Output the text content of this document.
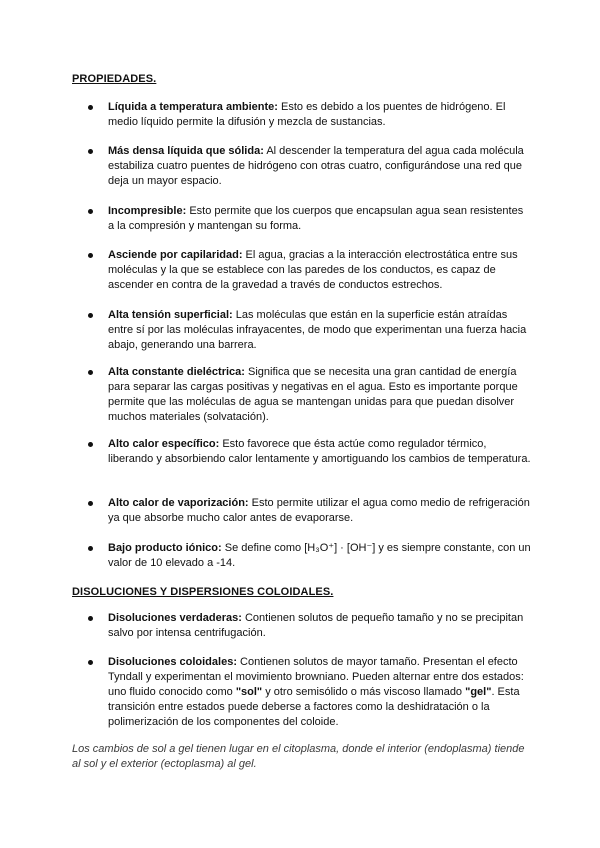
PROPIEDADES.
Líquida a temperatura ambiente: Esto es debido a los puentes de hidrógeno. El medio líquido permite la difusión y mezcla de sustancias.
Más densa líquida que sólida: Al descender la temperatura del agua cada molécula estabiliza cuatro puentes de hidrógeno con otras cuatro, configurándose una red que deja un mayor espacio.
Incompresible: Esto permite que los cuerpos que encapsulan agua sean resistentes a la compresión y mantengan su forma.
Asciende por capilaridad: El agua, gracias a la interacción electrostática entre sus moléculas y la que se establece con las paredes de los conductos, es capaz de ascender en contra de la gravedad a través de conductos estrechos.
Alta tensión superficial: Las moléculas que están en la superficie están atraídas entre sí por las moléculas infrayacentes, de modo que experimentan una fuerza hacia abajo, generando una barrera.
Alta constante dieléctrica: Significa que se necesita una gran cantidad de energía para separar las cargas positivas y negativas en el agua. Esto es importante porque permite que las moléculas de agua se mantengan unidas para que puedan disolver muchos materiales (solvatación).
Alto calor específico: Esto favorece que ésta actúe como regulador térmico, liberando y absorbiendo calor lentamente y amortiguando los cambios de temperatura.
Alto calor de vaporización: Esto permite utilizar el agua como medio de refrigeración ya que absorbe mucho calor antes de evaporarse.
Bajo producto iónico: Se define como [H₃O⁺] · [OH⁻] y es siempre constante, con un valor de 10 elevado a -14.
DISOLUCIONES Y DISPERSIONES COLOIDALES.
Disoluciones verdaderas: Contienen solutos de pequeño tamaño y no se precipitan salvo por intensa centrifugación.
Disoluciones coloidales: Contienen solutos de mayor tamaño. Presentan el efecto Tyndall y experimentan el movimiento browniano. Pueden alternar entre dos estados: uno fluido conocido como "sol" y otro semisólido o más viscoso llamado "gel". Esta transición entre estados puede deberse a factores como la deshidratación o la polimerización de los componentes del coloide.
Los cambios de sol a gel tienen lugar en el citoplasma, donde el interior (endoplasma) tiende al sol y el exterior (ectoplasma) al gel.
